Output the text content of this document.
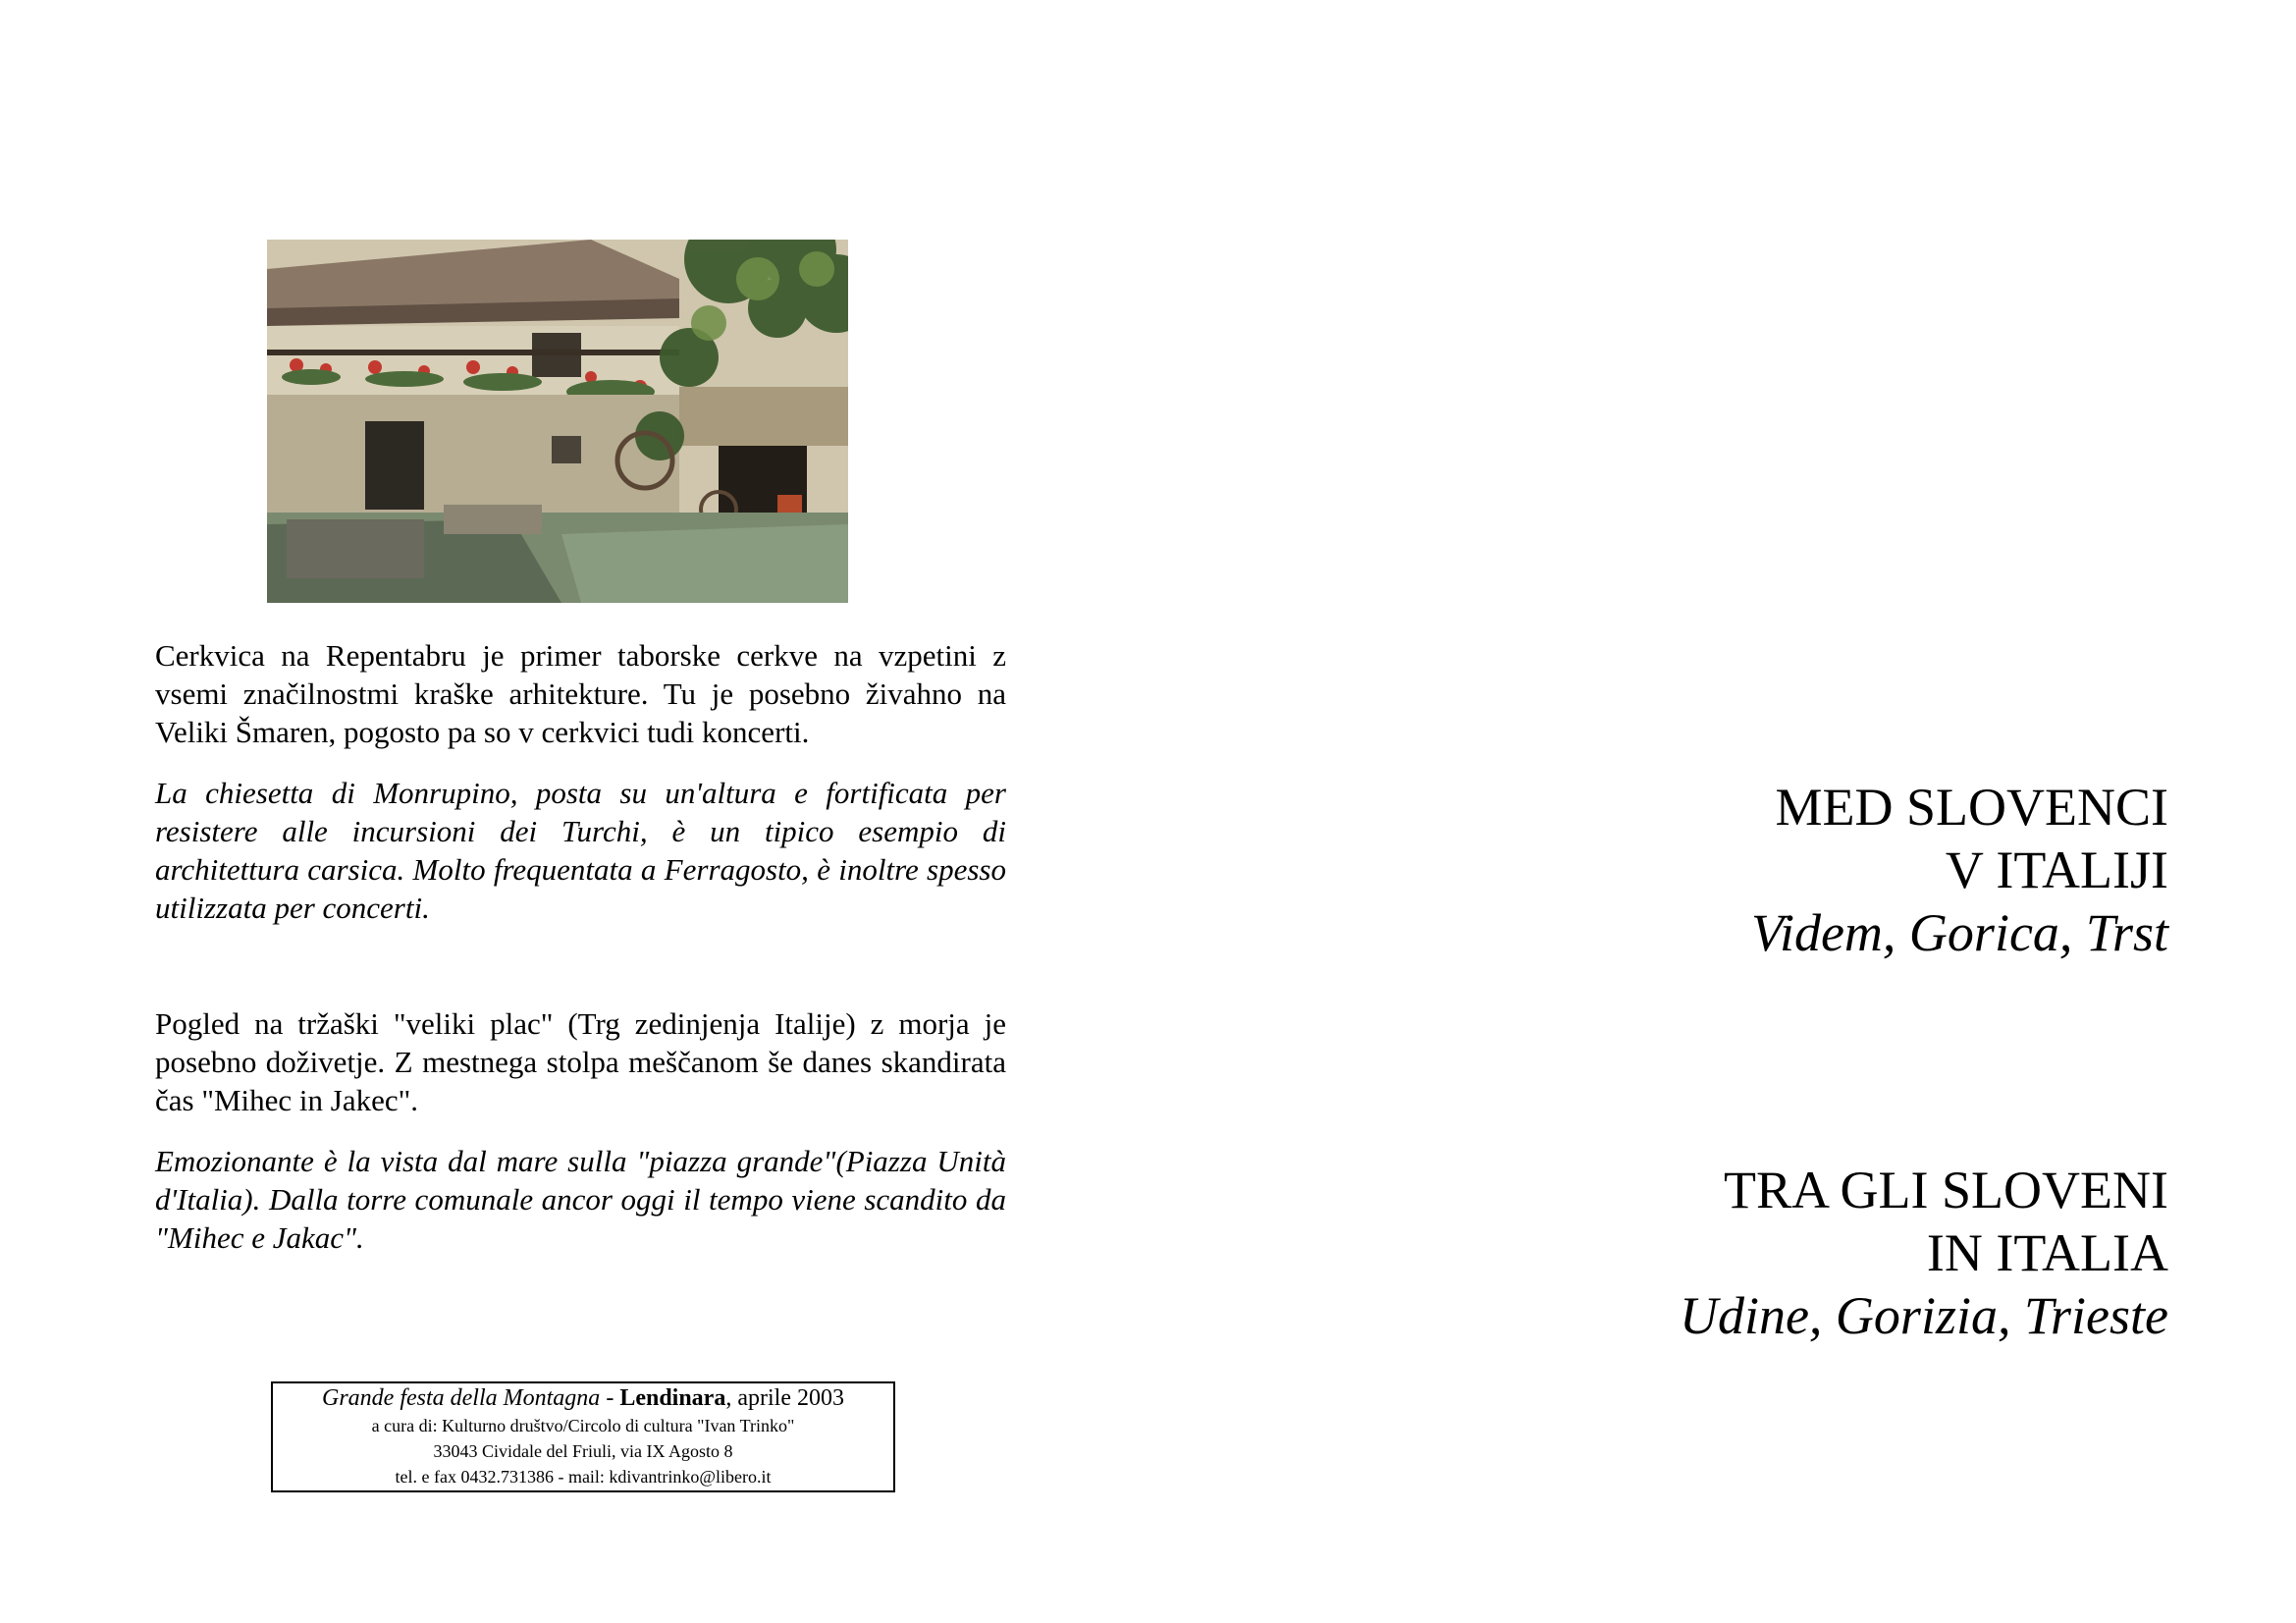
Cerkvica na Repentabru je primer taborske cerkve na vzpetini z vsemi značilnostmi kraške arhitekture. Tu je posebno živahno na Veliki Šmaren, pogosto pa so v cerkvici tudi koncerti.
La chiesetta di Monrupino, posta su un'altura e fortificata per resistere alle incursioni dei Turchi, è un tipico esempio di architettura carsica. Molto frequentata a Ferragosto, è inoltre spesso utilizzata per concerti.
Pogled na tržaški "veliki plac" (Trg zedinjenja Italije) z morja je posebno doživetje. Z mestnega stolpa meščanom še danes skandirata čas "Mihec in Jakec".
Emozionante è la vista dal mare sulla "piazza grande"(Piazza Unità d'Italia). Dalla torre comunale ancor oggi il tempo viene scandito da "Mihec e Jakac".
Grande festa della Montagna - Lendinara, aprile 2003
a cura di: Kulturno društvo/Circolo di cultura "Ivan Trinko"
33043 Cividale del Friuli, via IX Agosto 8
tel. e fax 0432.731386 - mail: kdivantrinko@libero.it
MED SLOVENCI
V ITALIJI
Videm, Gorica, Trst
TRA GLI SLOVENI
IN ITALIA
Udine, Gorizia, Trieste
